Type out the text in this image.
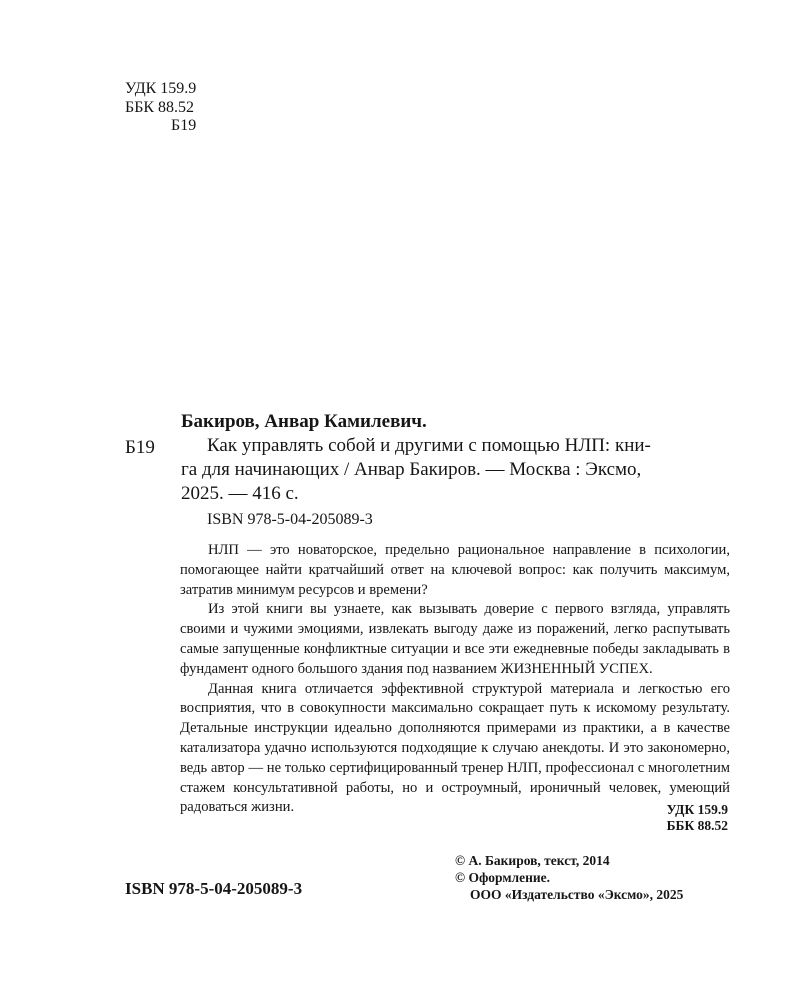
УДК 159.9
ББК 88.52
Б19
Бакиров, Анвар Камилевич.
Б19	Как управлять собой и другими с помощью НЛП: кни-
га для начинающих / Анвар Бакиров. — Москва : Эксмо,
2025. — 416 с.
ISBN 978-5-04-205089-3

НЛП — это новаторское, предельно рациональное направление в психологии, помогающее найти кратчайший ответ на ключевой вопрос: как получить максимум, затратив минимум ресурсов и времени?

Из этой книги вы узнаете, как вызывать доверие с первого взгляда, управлять своими и чужими эмоциями, извлекать выгоду даже из поражений, легко распутывать самые запущенные конфликтные ситуации и все эти ежедневные победы закладывать в фундамент одного большого здания под названием ЖИЗНЕННЫЙ УСПЕХ.

Данная книга отличается эффективной структурой материала и легкостью его восприятия, что в совокупности максимально сокращает путь к искомому результату. Детальные инструкции идеально дополняются примерами из практики, а в качестве катализатора удачно используются подходящие к случаю анекдоты. И это закономерно, ведь автор — не только сертифицированный тренер НЛП, профессионал с многолетним стажем консультативной работы, но и остроумный, ироничный человек, умеющий радоваться жизни.	УДК 159.9
ББК 88.52
ISBN 978-5-04-205089-3
© А. Бакиров, текст, 2014
© Оформление.
ООО «Издательство «Эксмо», 2025
